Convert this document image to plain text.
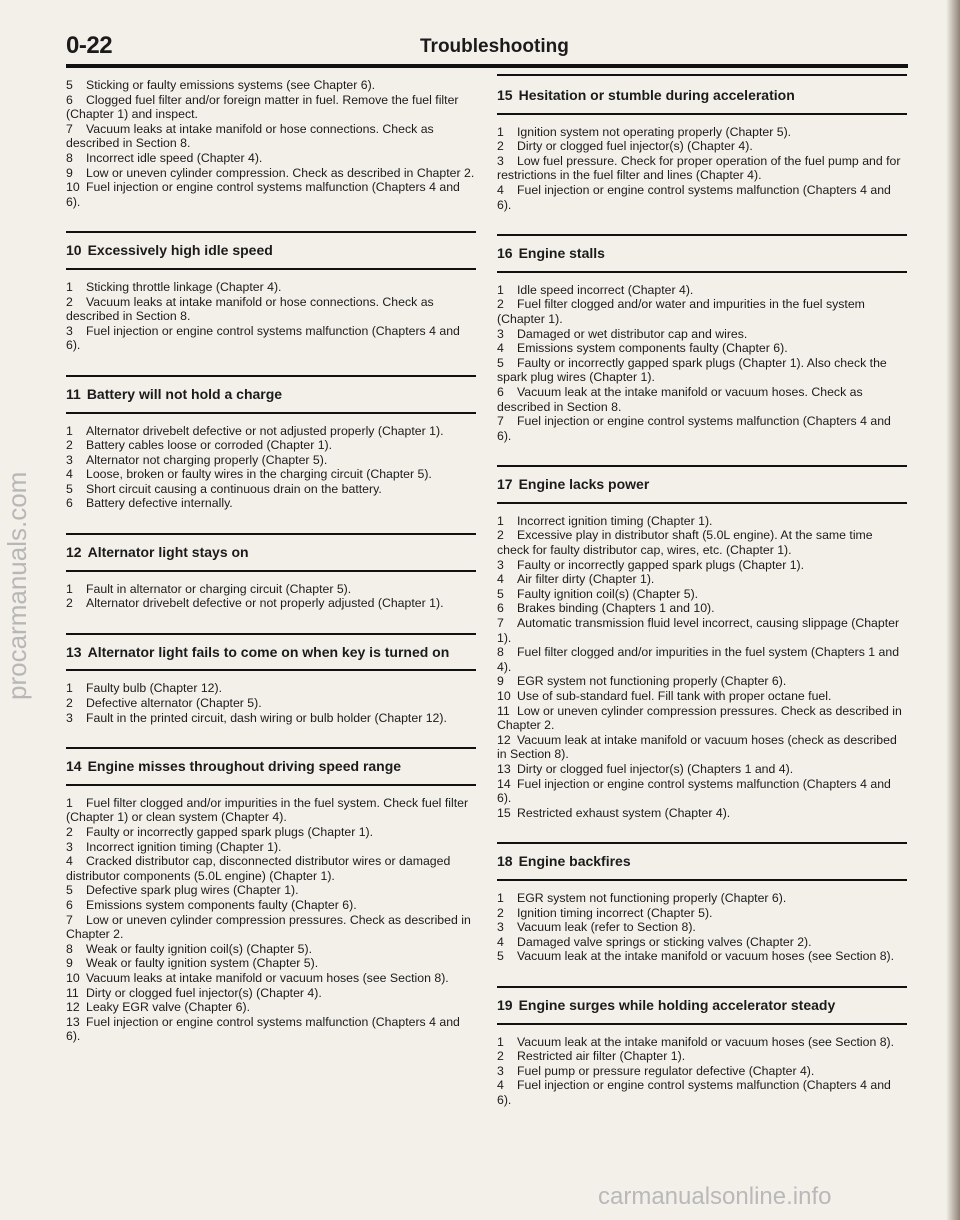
0-22	Troubleshooting

5 Sticking or faulty emissions systems (see Chapter 6).

6 Clogged fuel filter and/or foreign matter in fuel. Remove the fuel filter (Chapter 1) and inspect.

7 Vacuum leaks at intake manifold or hose connections. Check as described in Section 8.

8 Incorrect idle speed (Chapter 4).

9 Low or uneven cylinder compression. Check as described in Chapter 2.

10 Fuel injection or engine control systems malfunction (Chapters 4 and 6).

10 Excessively high idle speed

1 Sticking throttle linkage (Chapter 4).

2 Vacuum leaks at intake manifold or hose connections. Check as described in Section 8.

3 Fuel injection or engine control systems malfunction (Chapters 4 and 6).

11 Battery will not hold a charge

1 Alternator drivebelt defective or not adjusted properly (Chapter 1).

2 Battery cables loose or corroded (Chapter 1).

3 Alternator not charging properly (Chapter 5).

4 Loose, broken or faulty wires in the charging circuit (Chapter 5).

5 Short circuit causing a continuous drain on the battery.

6 Battery defective internally.

12 Alternator light stays on

1 Fault in alternator or charging circuit (Chapter 5).

2 Alternator drivebelt defective or not properly adjusted (Chapter 1).

13 Alternator light fails to come on when key is turned on

1 Faulty bulb (Chapter 12).

2 Defective alternator (Chapter 5).

3 Fault in the printed circuit, dash wiring or bulb holder (Chapter 12).

14 Engine misses throughout driving speed range

1 Fuel filter clogged and/or impurities in the fuel system. Check fuel filter (Chapter 1) or clean system (Chapter 4).

2 Faulty or incorrectly gapped spark plugs (Chapter 1).

3 Incorrect ignition timing (Chapter 1).

4 Cracked distributor cap, disconnected distributor wires or damaged distributor components (5.0L engine) (Chapter 1).

5 Defective spark plug wires (Chapter 1).

6 Emissions system components faulty (Chapter 6).

7 Low or uneven cylinder compression pressures. Check as described in Chapter 2.

8 Weak or faulty ignition coil(s) (Chapter 5).

9 Weak or faulty ignition system (Chapter 5).

10 Vacuum leaks at intake manifold or vacuum hoses (see Section 8).

11 Dirty or clogged fuel injector(s) (Chapter 4).

12 Leaky EGR valve (Chapter 6).

13 Fuel injection or engine control systems malfunction (Chapters 4 and 6).

15 Hesitation or stumble during acceleration

1 Ignition system not operating properly (Chapter 5).

2 Dirty or clogged fuel injector(s) (Chapter 4).

3 Low fuel pressure. Check for proper operation of the fuel pump and for restrictions in the fuel filter and lines (Chapter 4).

4 Fuel injection or engine control systems malfunction (Chapters 4 and 6).

16 Engine stalls

1 Idle speed incorrect (Chapter 4).

2 Fuel filter clogged and/or water and impurities in the fuel system (Chapter 1).

3 Damaged or wet distributor cap and wires.

4 Emissions system components faulty (Chapter 6).

5 Faulty or incorrectly gapped spark plugs (Chapter 1). Also check the spark plug wires (Chapter 1).

6 Vacuum leak at the intake manifold or vacuum hoses. Check as described in Section 8.

7 Fuel injection or engine control systems malfunction (Chapters 4 and 6).

17 Engine lacks power

1 Incorrect ignition timing (Chapter 1).

2 Excessive play in distributor shaft (5.0L engine). At the same time check for faulty distributor cap, wires, etc. (Chapter 1).

3 Faulty or incorrectly gapped spark plugs (Chapter 1).

4 Air filter dirty (Chapter 1).

5 Faulty ignition coil(s) (Chapter 5).

6 Brakes binding (Chapters 1 and 10).

7 Automatic transmission fluid level incorrect, causing slippage (Chapter 1).

8 Fuel filter clogged and/or impurities in the fuel system (Chapters 1 and 4).

9 EGR system not functioning properly (Chapter 6).

10 Use of sub-standard fuel. Fill tank with proper octane fuel.

11 Low or uneven cylinder compression pressures. Check as described in Chapter 2.

12 Vacuum leak at intake manifold or vacuum hoses (check as described in Section 8).

13 Dirty or clogged fuel injector(s) (Chapters 1 and 4).

14 Fuel injection or engine control systems malfunction (Chapters 4 and 6).

15 Restricted exhaust system (Chapter 4).

18 Engine backfires

1 EGR system not functioning properly (Chapter 6).

2 Ignition timing incorrect (Chapter 5).

3 Vacuum leak (refer to Section 8).

4 Damaged valve springs or sticking valves (Chapter 2).

5 Vacuum leak at the intake manifold or vacuum hoses (see Section 8).

19 Engine surges while holding accelerator steady

1 Vacuum leak at the intake manifold or vacuum hoses (see Section 8).

2 Restricted air filter (Chapter 1).

3 Fuel pump or pressure regulator defective (Chapter 4).

4 Fuel injection or engine control systems malfunction (Chapters 4 and 6).

procarmanuals.com
carmanualsonline.info
